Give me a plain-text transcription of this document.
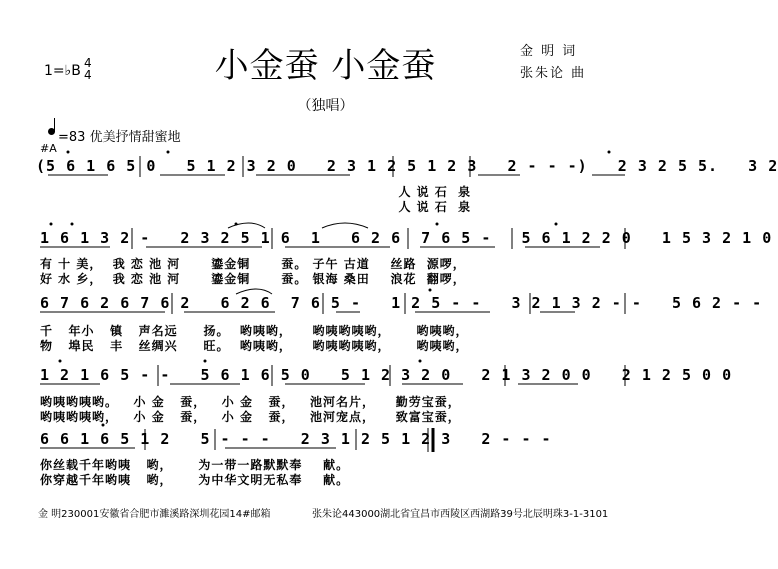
小金蚕 小金蚕
（独唱）
金 明 词
张朱论 曲
1=♭B 4
4
=83 优美抒情甜蜜地
#A
(5 6 1 6 5 0   5 1 2 3 2 0   2 3 1 2 5 1 2 3   2 - - -)   2 3 2 5 5.   3 2
人 说 石  泉
人 说 石  泉
1 6 1 3 2 -   2 3 2 5 1 6  1   6 2 6  7 6 5 -   5 6 1 2 2 0   1 5 3 2 1 0
有 十 美，  我 恋 池 河      鎏金铜      蚕。 子午 古道    丝路  源啰，
好 水 乡，  我 恋 池 河      鎏金铜      蚕。 银海 桑田    浪花  翻啰，
6 7 6 2 6 7 6 2   6 2 6  7 6 5 -   1 2 5 - -   3 2 1 3 2 - -   5 6 2 - -
千   年小   镇   声名远     扬。  哟咦哟，    哟咦哟咦哟，     哟咦哟，
物   埠民   丰   丝绸兴     旺。  哟咦哟，    哟咦哟咦哟，     哟咦哟，
1 2 1 6 5 - -   5 6 1 6 5 0   5 1 2 3 2 0   2 1 3 2 0 0   2 1 2 5 0 0
哟咦哟咦哟。   小 金   蚕，   小 金   蚕，   池河名片，    勤劳宝蚕，
哟咦哟咦哟，   小 金   蚕，   小 金   蚕，   池河宠点，    致富宝蚕，
6 6 1 6 5 1 2   5 - - -   2 3 1 2 5 1 2 3   2 - - -
你丝载千年哟咦   哟，     为一带一路默默奉    献。
你穿越千年哟咦   哟，     为中华文明无私奉    献。
金 明230001安徽省合肥市濉溪路深圳花园14#邮箱	张朱论443000湖北省宜昌市西陵区西湖路39号北辰明珠3-1-3101
